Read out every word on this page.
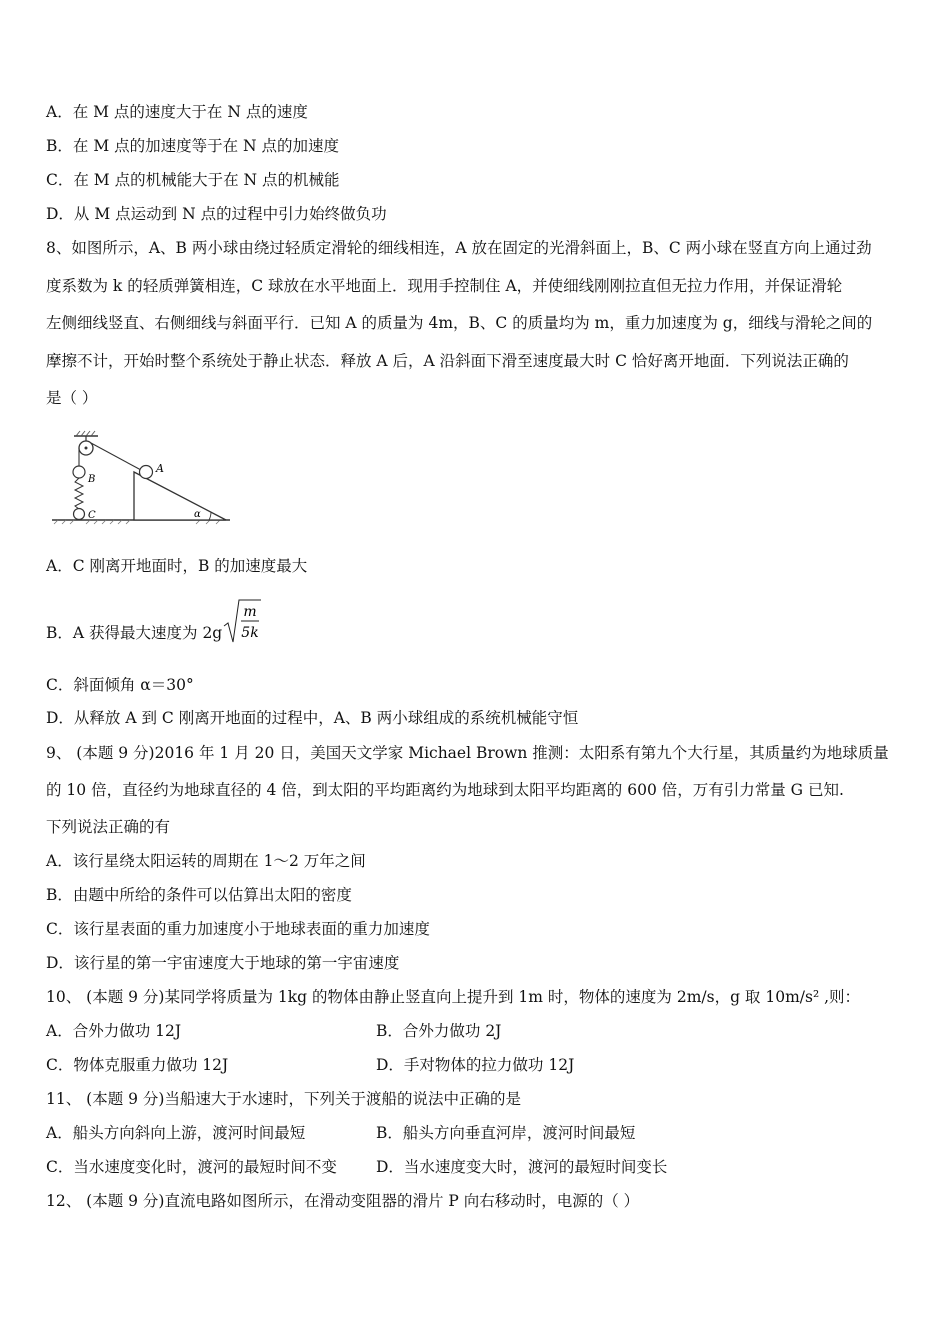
A．在 M 点的速度大于在 N 点的速度
B．在 M 点的加速度等于在 N 点的加速度
C．在 M 点的机械能大于在 N 点的机械能
D．从 M 点运动到 N 点的过程中引力始终做负功
8、如图所示，A、B 两小球由绕过轻质定滑轮的细线相连，A 放在固定的光滑斜面上，B、C 两小球在竖直方向上通过劲
度系数为 k 的轻质弹簧相连，C 球放在水平地面上．现用手控制住 A，并使细线刚刚拉直但无拉力作用，并保证滑轮
左侧细线竖直、右侧细线与斜面平行．已知 A 的质量为 4m，B、C 的质量均为 m，重力加速度为 g，细线与滑轮之间的
摩擦不计，开始时整个系统处于静止状态．释放 A 后，A 沿斜面下滑至速度最大时 C 恰好离开地面．下列说法正确的
是（ ）
A
B
C	α
A．C 刚离开地面时，B 的加速度最大
B．A 获得最大速度为 2g
m
5k
C．斜面倾角 α＝30°
D．从释放 A 到 C 刚离开地面的过程中，A、B 两小球组成的系统机械能守恒
9、 (本题 9 分)2016 年 1 月 20 日，美国天文学家 Michael Brown 推测：太阳系有第九个大行星，其质量约为地球质量
的 10 倍，直径约为地球直径的 4 倍，到太阳的平均距离约为地球到太阳平均距离的 600 倍，万有引力常量 G 已知.
下列说法正确的有
A．该行星绕太阳运转的周期在 1～2 万年之间
B．由题中所给的条件可以估算出太阳的密度
C．该行星表面的重力加速度小于地球表面的重力加速度
D．该行星的第一宇宙速度大于地球的第一宇宙速度
10、 (本题 9 分)某同学将质量为 1kg 的物体由静止竖直向上提升到 1m 时，物体的速度为 2m/s，g 取 10m/s² ,则：
A．合外力做功 12J	B．合外力做功 2J
C．物体克服重力做功 12J	D．手对物体的拉力做功 12J
11、 (本题 9 分)当船速大于水速时，下列关于渡船的说法中正确的是
A．船头方向斜向上游，渡河时间最短	B．船头方向垂直河岸，渡河时间最短
C．当水速度变化时，渡河的最短时间不变	D．当水速度变大时，渡河的最短时间变长
12、 (本题 9 分)直流电路如图所示，在滑动变阻器的滑片 P 向右移动时，电源的（ ）
